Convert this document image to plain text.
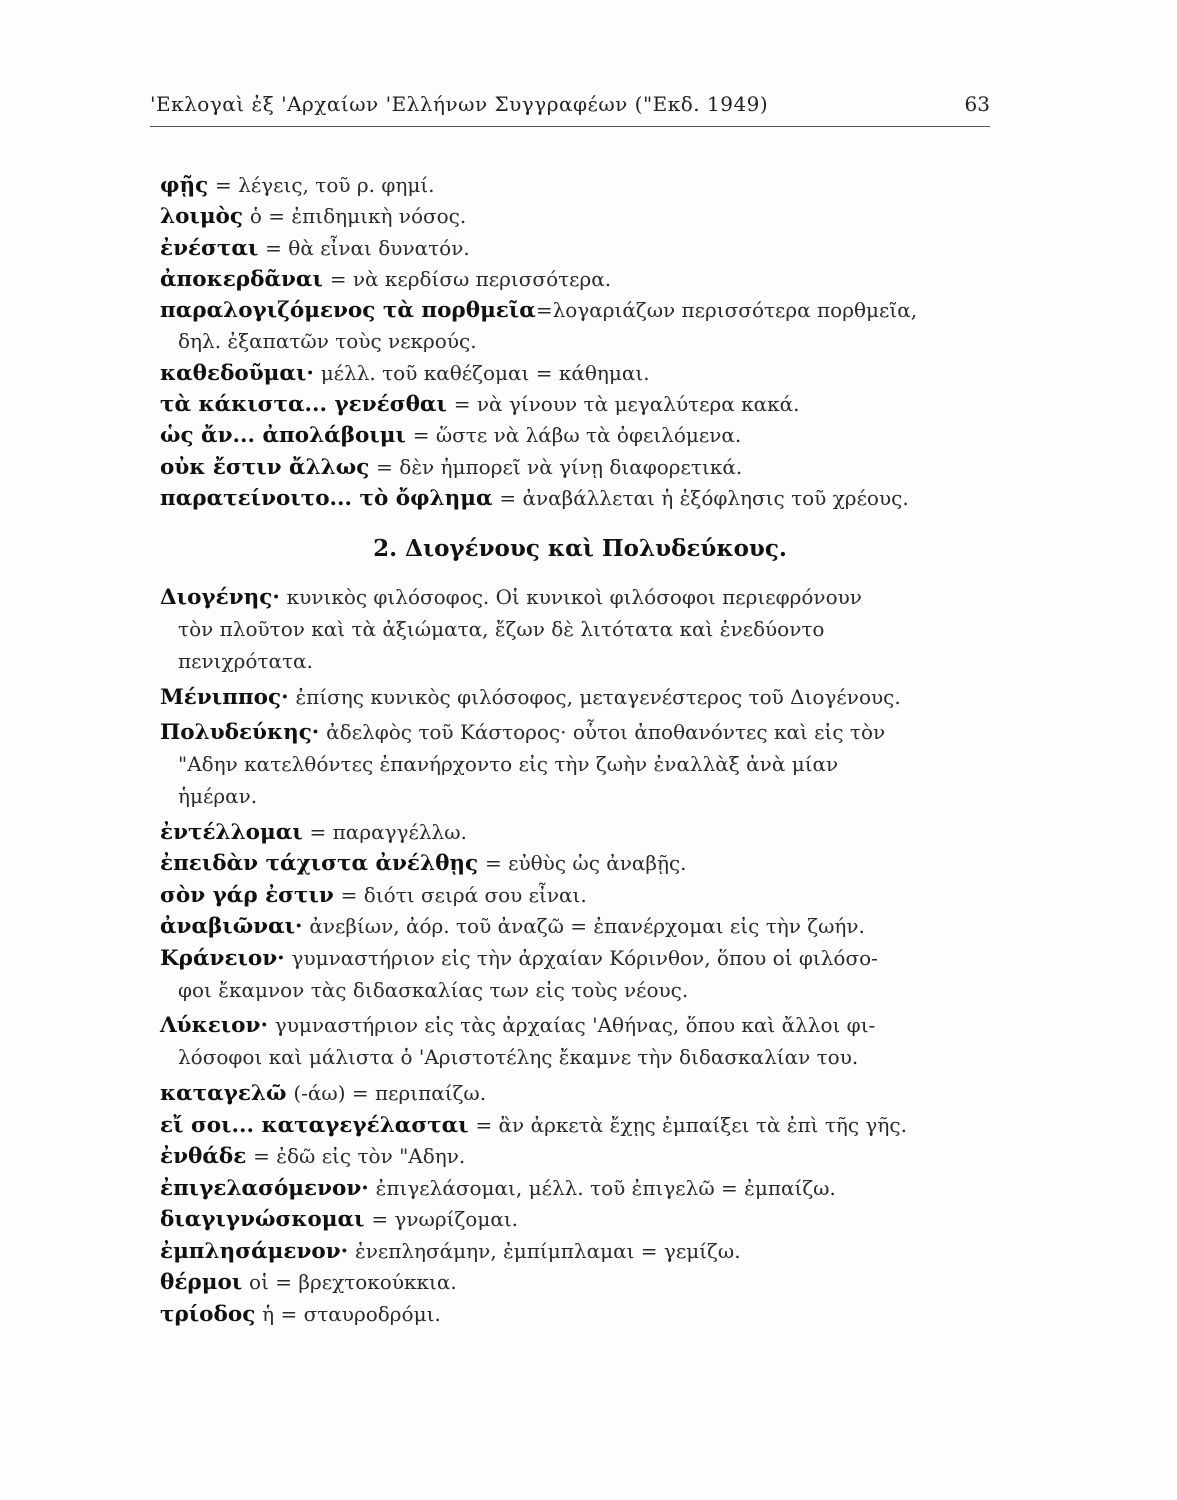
'Εκλογαὶ ἐξ 'Αρχαίων 'Ελλήνων Συγγραφέων ("Εκδ. 1949)	63
φῇς = λέγεις, τοῦ ρ. φημί.
λοιμὸς ὁ = ἐπιδημικὴ νόσος.
ἐνέσται = θὰ εἶναι δυνατόν.
ἀποκερδᾶναι = νὰ κερδίσω περισσότερα.
παραλογιζόμενος τὰ πορθμεῖα=λογαριάζων περισσότερα πορθμεῖα,
δηλ. ἐξαπατῶν τοὺς νεκρούς.
καθεδοῦμαι· μέλλ. τοῦ καθέζομαι = κάθημαι.
τὰ κάκιστα... γενέσθαι = νὰ γίνουν τὰ μεγαλύτερα κακά.
ὡς ἄν... ἀπολάβοιμι = ὥστε νὰ λάβω τὰ ὀφειλόμενα.
οὐκ ἔστιν ἄλλως = δὲν ἠμπορεῖ νὰ γίνῃ διαφορετικά.
παρατείνοιτο... τὸ ὄφλημα = ἀναβάλλεται ἡ ἐξόφλησις τοῦ χρέους.
2. Διογένους καὶ Πολυδεύκους.
Διογένης· κυνικὸς φιλόσοφος. Οἱ κυνικοὶ φιλόσοφοι περιεφρόνουν
τὸν πλοῦτον καὶ τὰ ἀξιώματα, ἔζων δὲ λιτότατα καὶ ἐνεδύοντο
πενιχρότατα.
Μένιππος· ἐπίσης κυνικὸς φιλόσοφος, μεταγενέστερος τοῦ Διογένους.
Πολυδεύκης· ἀδελφὸς τοῦ Κάστορος· οὗτοι ἀποθανόντες καὶ εἰς τὸν
"Αδην κατελθόντες ἐπανήρχοντο εἰς τὴν ζωὴν ἐναλλὰξ ἀνὰ μίαν
ἡμέραν.
ἐντέλλομαι = παραγγέλλω.
ἐπειδὰν τάχιστα ἀνέλθῃς = εὐθὺς ὡς ἀναβῇς.
σὸν γάρ ἐστιν = διότι σειρά σου εἶναι.
ἀναβιῶναι· ἀνεβίων, ἀόρ. τοῦ ἀναζῶ = ἐπανέρχομαι εἰς τὴν ζωήν.
Κράνειον· γυμναστήριον εἰς τὴν ἀρχαίαν Κόρινθον, ὅπου οἱ φιλόσο-
φοι ἔκαμνον τὰς διδασκαλίας των εἰς τοὺς νέους.
Λύκειον· γυμναστήριον εἰς τὰς ἀρχαίας 'Αθήνας, ὅπου καὶ ἄλλοι φι-
λόσοφοι καὶ μάλιστα ὁ 'Αριστοτέλης ἔκαμνε τὴν διδασκαλίαν του.
καταγελῶ (-άω) = περιπαίζω.
εἴ σοι... καταγεγέλασται = ἂν ἀρκετὰ ἔχῃς ἐμπαίξει τὰ ἐπὶ τῆς γῆς.
ἐνθάδε = ἐδῶ εἰς τὸν "Αδην.
ἐπιγελασόμενον· ἐπιγελάσομαι, μέλλ. τοῦ ἐπιγελῶ = ἐμπαίζω.
διαγιγνώσκομαι = γνωρίζομαι.
ἐμπλησάμενον· ἐνεπλησάμην, ἐμπίμπλαμαι = γεμίζω.
θέρμοι οἱ = βρεχτοκούκκια.
τρίοδος ἡ = σταυροδρόμι.
